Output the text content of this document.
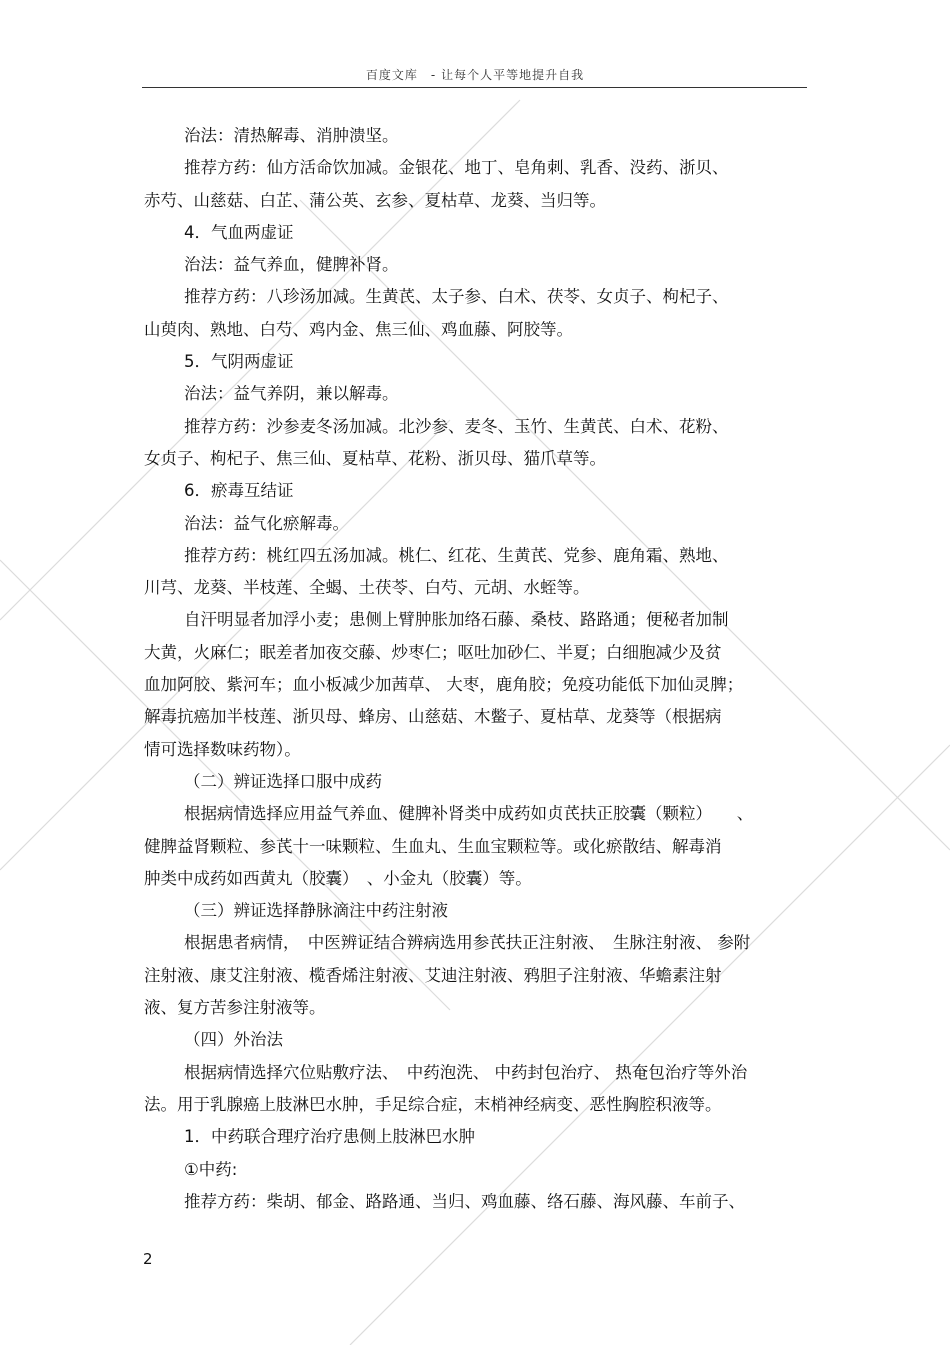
百度文库　- 让每个人平等地提升自我
治法：清热解毒、消肿溃坚。
推荐方药：仙方活命饮加减。金银花、地丁、皂角刺、乳香、没药、浙贝、
赤芍、山慈菇、白芷、蒲公英、玄参、夏枯草、龙葵、当归等。
4．气血两虚证
治法：益气养血，健脾补肾。
推荐方药：八珍汤加减。生黄芪、太子参、白术、茯苓、女贞子、枸杞子、
山萸肉、熟地、白芍、鸡内金、焦三仙、鸡血藤、阿胶等。
5．气阴两虚证
治法：益气养阴，兼以解毒。
推荐方药：沙参麦冬汤加减。北沙参、麦冬、玉竹、生黄芪、白术、花粉、
女贞子、枸杞子、焦三仙、夏枯草、花粉、浙贝母、猫爪草等。
6．瘀毒互结证
治法：益气化瘀解毒。
推荐方药：桃红四五汤加减。桃仁、红花、生黄芪、党参、鹿角霜、熟地、
川芎、龙葵、半枝莲、全蝎、土茯苓、白芍、元胡、水蛭等。
自汗明显者加浮小麦；患侧上臂肿胀加络石藤、桑枝、路路通；便秘者加制
大黄，火麻仁；眠差者加夜交藤、炒枣仁；呕吐加砂仁、半夏；白细胞减少及贫
血加阿胶、紫河车；血小板减少加茜草、 大枣，鹿角胶；免疫功能低下加仙灵脾；
解毒抗癌加半枝莲、浙贝母、蜂房、山慈菇、木鳖子、夏枯草、龙葵等（根据病
情可选择数味药物）。
（二）辨证选择口服中成药
根据病情选择应用益气养血、健脾补肾类中成药如贞芪扶正胶囊（颗粒）　　、
健脾益肾颗粒、参芪十一味颗粒、生血丸、生血宝颗粒等。或化瘀散结、解毒消
肿类中成药如西黄丸（胶囊）　、小金丸（胶囊）等。
（三）辨证选择静脉滴注中药注射液
根据患者病情，　中医辨证结合辨病选用参芪扶正注射液、　生脉注射液、 参附
注射液、康艾注射液、榄香烯注射液、艾迪注射液、鸦胆子注射液、华蟾素注射
液、复方苦参注射液等。
（四）外治法
根据病情选择穴位贴敷疗法、　中药泡洗、 中药封包治疗、 热奄包治疗等外治
法。用于乳腺癌上肢淋巴水肿，手足综合症，末梢神经病变、恶性胸腔积液等。
1．中药联合理疗治疗患侧上肢淋巴水肿
①中药:
推荐方药：柴胡、郁金、路路通、当归、鸡血藤、络石藤、海风藤、车前子、
2
